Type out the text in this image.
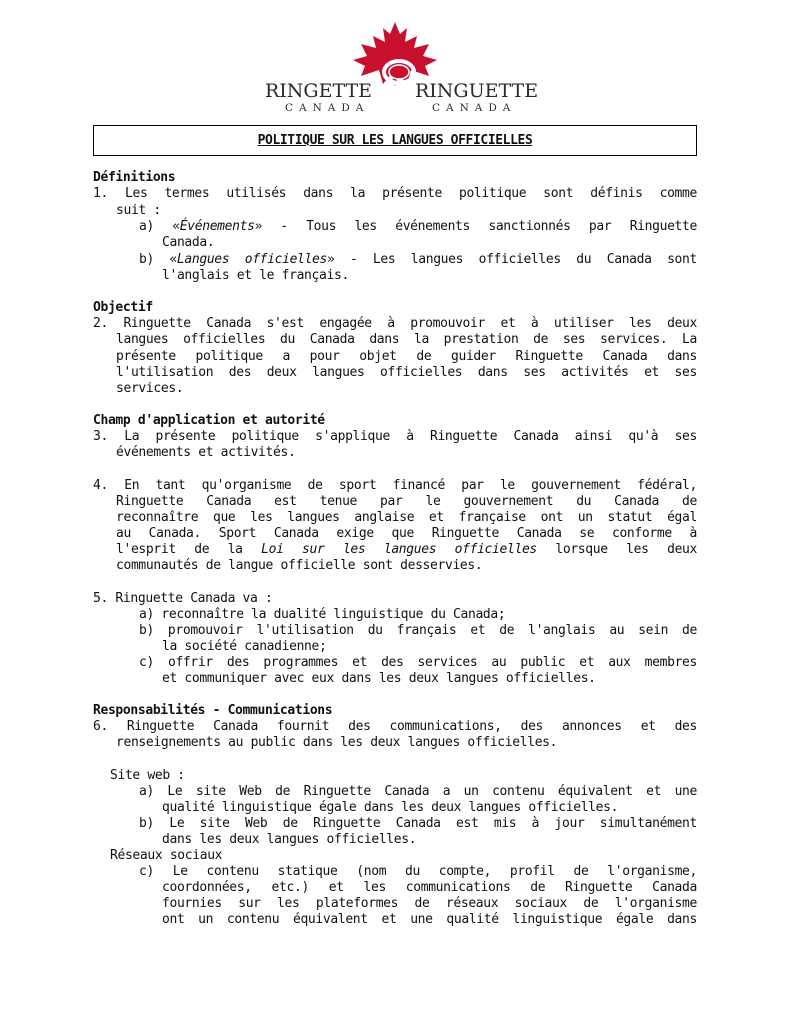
RINGETTE RINGUETTE
CANADA	CANADA
POLITIQUE SUR LES LANGUES OFFICIELLES
Définitions
1. Les termes utilisés dans la présente politique sont définis comme
suit :
a) «Événements» - Tous les événements sanctionnés par Ringuette
Canada.
b) «Langues officielles» - Les langues officielles du Canada sont
l'anglais et le français.
Objectif
2. Ringuette Canada s'est engagée à promouvoir et à utiliser les deux
langues officielles du Canada dans la prestation de ses services. La
présente politique a pour objet de guider Ringuette Canada dans
l'utilisation des deux langues officielles dans ses activités et ses
services.
Champ d'application et autorité
3. La présente politique s'applique à Ringuette Canada ainsi qu'à ses
événements et activités.
4. En tant qu'organisme de sport financé par le gouvernement fédéral,
Ringuette Canada est tenue par le gouvernement du Canada de
reconnaître que les langues anglaise et française ont un statut égal
au Canada. Sport Canada exige que Ringuette Canada se conforme à
l'esprit de la Loi sur les langues officielles lorsque les deux
communautés de langue officielle sont desservies.
5. Ringuette Canada va :
a) reconnaître la dualité linguistique du Canada;
b) promouvoir l'utilisation du français et de l'anglais au sein de
la société canadienne;
c) offrir des programmes et des services au public et aux membres
et communiquer avec eux dans les deux langues officielles.
Responsabilités - Communications
6. Ringuette Canada fournit des communications, des annonces et des
renseignements au public dans les deux langues officielles.
Site web :
a) Le site Web de Ringuette Canada a un contenu équivalent et une
qualité linguistique égale dans les deux langues officielles.
b) Le site Web de Ringuette Canada est mis à jour simultanément
dans les deux langues officielles.
Réseaux sociaux
c) Le contenu statique (nom du compte, profil de l'organisme,
coordonnées, etc.) et les communications de Ringuette Canada
fournies sur les plateformes de réseaux sociaux de l'organisme
ont un contenu équivalent et une qualité linguistique égale dans
